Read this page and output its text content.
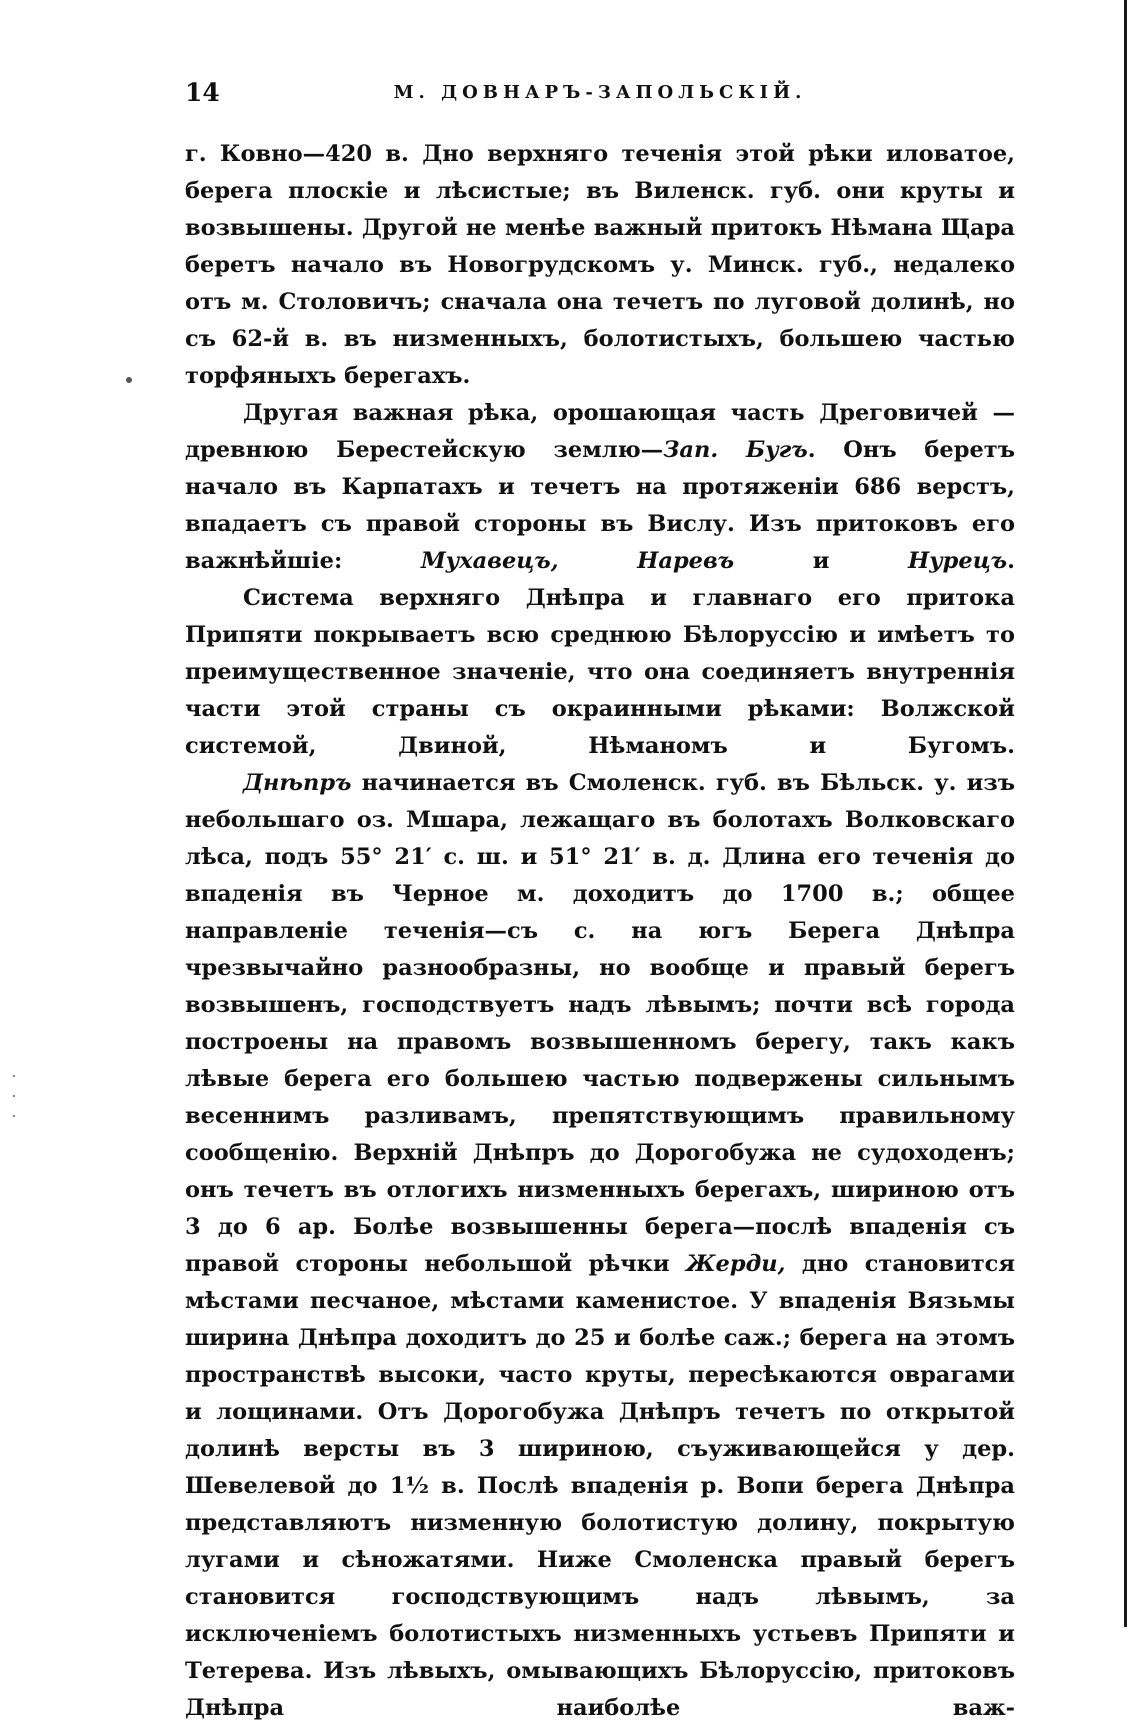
14	М. ДОВНАРЪ-ЗАПОЛЬСКІЙ.

г. Ковно—420 в. Дно верхняго теченія этой рѣки иловатое, берега плоскіе и лѣсистые; въ Виленск. губ. они круты и возвышены. Другой не менѣе важный притокъ Нѣмана Щара беретъ начало въ Новогрудскомъ у. Минск. губ., недалеко отъ м. Столовичъ; сначала она течетъ по луговой долинѣ, но съ 62-й в. въ низменныхъ, болотистыхъ, большею частью торфяныхъ берегахъ.

Другая важная рѣка, орошающая часть Дреговичей — древнюю Берестейскую землю—Зап. Бугъ. Онъ беретъ начало въ Карпатахъ и течетъ на протяженіи 686 верстъ, впадаетъ съ правой стороны въ Вислу. Изъ притоковъ его важнѣйшіе: Мухавецъ, Наревъ и Нурецъ.

Система верхняго Днѣпра и главнаго его притока Припяти покрываетъ всю среднюю Бѣлоруссію и имѣетъ то преимущественное значеніе, что она соединяетъ внутреннія части этой страны съ окраинными рѣками: Волжской системой, Двиной, Нѣманомъ и Бугомъ.

Днѣпръ начинается въ Смоленск. губ. въ Бѣльск. у. изъ небольшаго оз. Мшара, лежащаго въ болотахъ Волковскаго лѣса, подъ 55° 21′ с. ш. и 51° 21′ в. д. Длина его теченія до впаденія въ Черное м. доходитъ до 1700 в.; общее направленіе теченія—съ с. на югъ Берега Днѣпра чрезвычайно разнообразны, но вообще и правый берегъ возвышенъ, господствуетъ надъ лѣвымъ; почти всѣ города построены на правомъ возвышенномъ берегу, такъ какъ лѣвые берега его большею частью подвержены сильнымъ весеннимъ разливамъ, препятствующимъ правильному сообщенію. Верхній Днѣпръ до Дорогобужа не судоходенъ; онъ течетъ въ отлогихъ низменныхъ берегахъ, шириною отъ 3 до 6 ар. Болѣе возвышенны берега—послѣ впаденія съ правой стороны небольшой рѣчки Жерди, дно становится мѣстами песчаное, мѣстами каменистое. У впаденія Вязьмы ширина Днѣпра доходитъ до 25 и болѣе саж.; берега на этомъ пространствѣ высоки, часто круты, пересѣкаются оврагами и лощинами. Отъ Дорогобужа Днѣпръ течетъ по открытой долинѣ версты въ 3 шириною, съуживающейся у дер. Шевелевой до 1½ в. Послѣ впаденія р. Вопи берега Днѣпра представляютъ низменную болотистую долину, покрытую лугами и сѣножатями. Ниже Смоленска правый берегъ становится господствующимъ надъ лѣвымъ, за исключеніемъ болотистыхъ низменныхъ устьевъ Припяти и Тетерева. Изъ лѣвыхъ, омывающихъ Бѣлоруссію, притоковъ Днѣпра наиболѣе важ-
